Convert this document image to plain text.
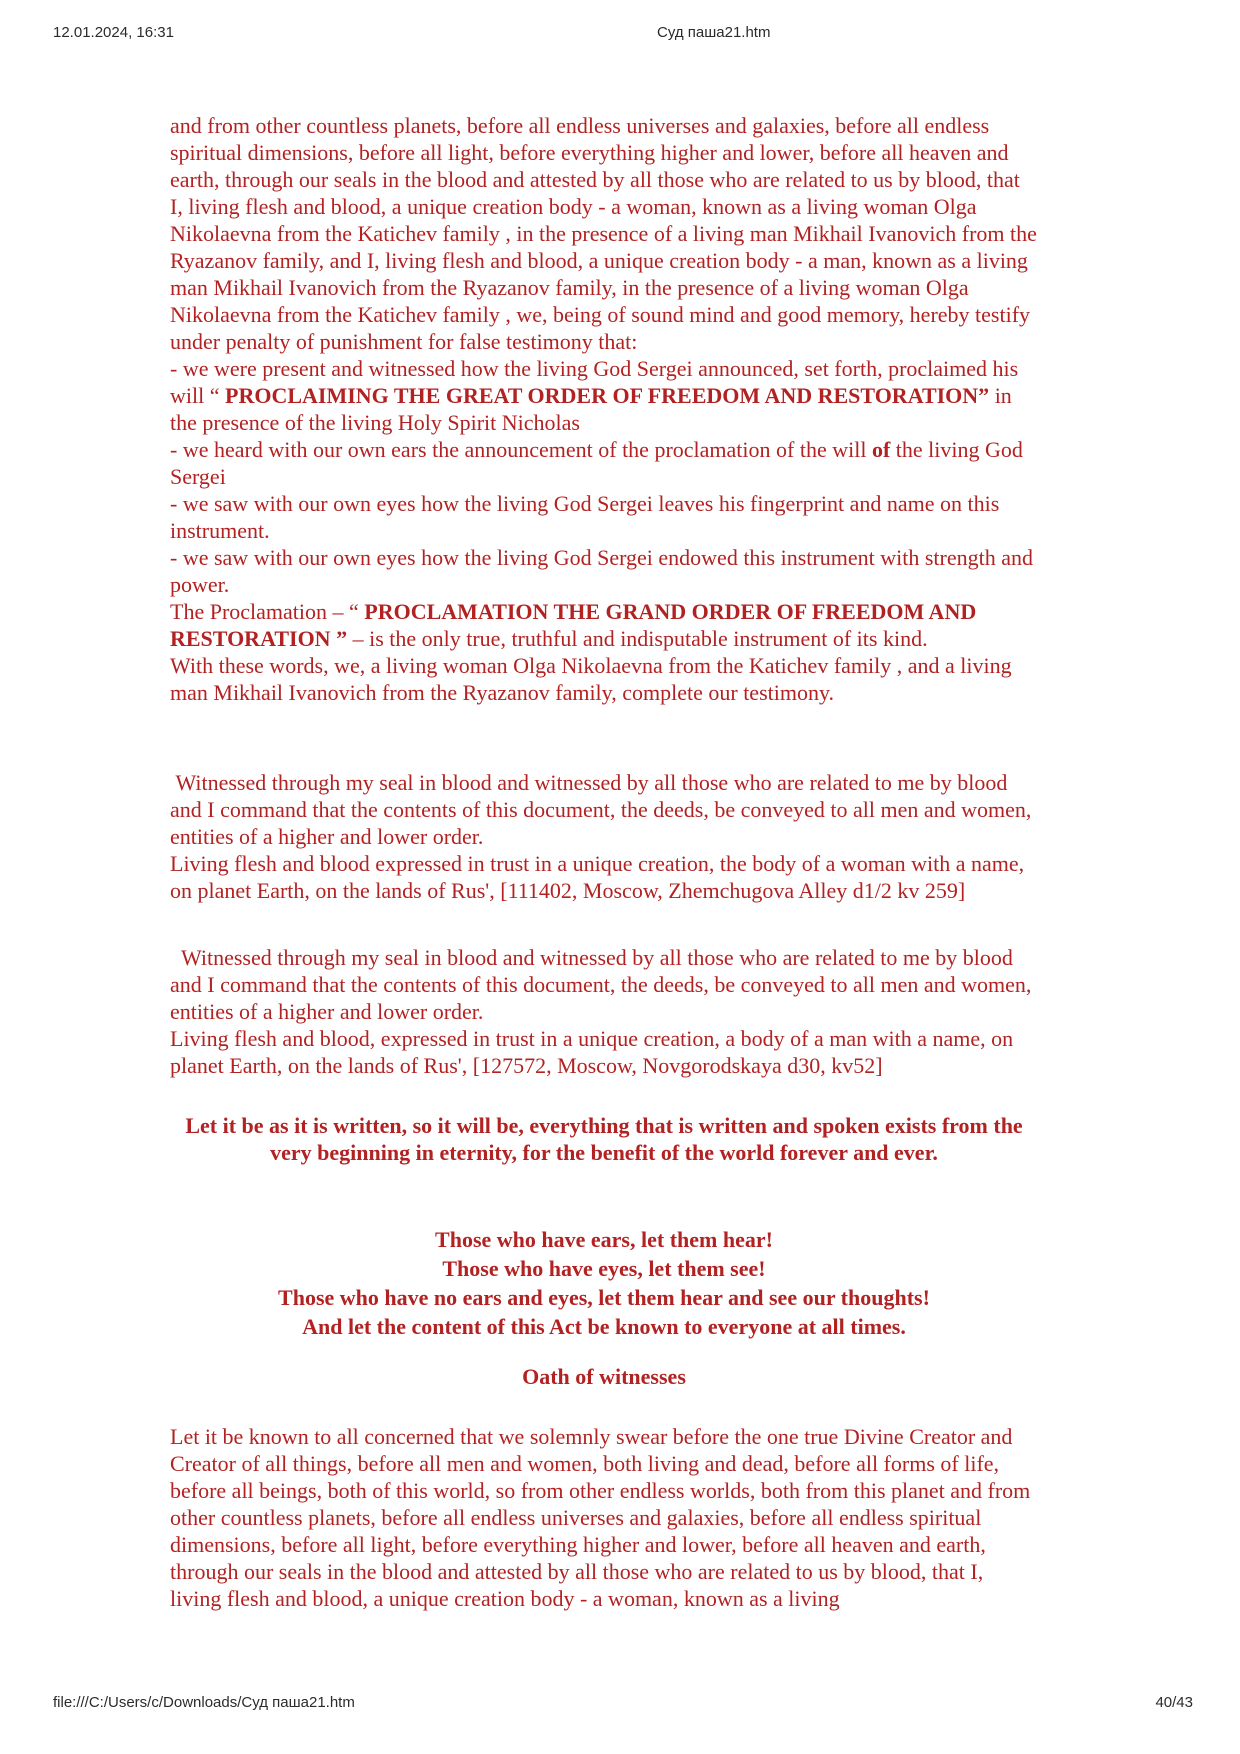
12.01.2024, 16:31	Суд паша21.htm

and from other countless planets, before all endless universes and galaxies, before all endless spiritual dimensions, before all light, before everything higher and lower, before all heaven and earth, through our seals in the blood and attested by all those who are related to us by blood, that I, living flesh and blood, a unique creation body - a woman, known as a living woman Olga Nikolaevna from the Katichev family , in the presence of a living man Mikhail Ivanovich from the Ryazanov family, and I, living flesh and blood, a unique creation body - a man, known as a living man Mikhail Ivanovich from the Ryazanov family, in the presence of a living woman Olga Nikolaevna from the Katichev family , we, being of sound mind and good memory, hereby testify under penalty of punishment for false testimony that:

- we were present and witnessed how the living God Sergei announced, set forth, proclaimed his will “ PROCLAIMING THE GREAT ORDER OF FREEDOM AND RESTORATION” in the presence of the living Holy Spirit Nicholas

- we heard with our own ears the announcement of the proclamation of the will of the living God Sergei

- we saw with our own eyes how the living God Sergei leaves his fingerprint and name on this instrument.

- we saw with our own eyes how the living God Sergei endowed this instrument with strength and power.

The Proclamation – “ PROCLAMATION THE GRAND ORDER OF FREEDOM AND RESTORATION ” – is the only true, truthful and indisputable instrument of its kind.

With these words, we, a living woman Olga Nikolaevna from the Katichev family , and a living man Mikhail Ivanovich from the Ryazanov family, complete our testimony.

Witnessed through my seal in blood and witnessed by all those who are related to me by blood and I command that the contents of this document, the deeds, be conveyed to all men and women, entities of a higher and lower order.

Living flesh and blood expressed in trust in a unique creation, the body of a woman with a name, on planet Earth, on the lands of Rus', [111402, Moscow, Zhemchugova Alley d1/2 kv 259]

Witnessed through my seal in blood and witnessed by all those who are related to me by blood and I command that the contents of this document, the deeds, be conveyed to all men and women, entities of a higher and lower order.

Living flesh and blood, expressed in trust in a unique creation, a body of a man with a name, on planet Earth, on the lands of Rus', [127572, Moscow, Novgorodskaya d30, kv52]

Let it be as it is written, so it will be, everything that is written and spoken exists from the very beginning in eternity, for the benefit of the world forever and ever.

Those who have ears, let them hear!

Those who have eyes, let them see!

Those who have no ears and eyes, let them hear and see our thoughts!

And let the content of this Act be known to everyone at all times.

Oath of witnesses

Let it be known to all concerned that we solemnly swear before the one true Divine Creator and Creator of all things, before all men and women, both living and dead, before all forms of life, before all beings, both of this world, so from other endless worlds, both from this planet and from other countless planets, before all endless universes and galaxies, before all endless spiritual dimensions, before all light, before everything higher and lower, before all heaven and earth, through our seals in the blood and attested by all those who are related to us by blood, that I, living flesh and blood, a unique creation body - a woman, known as a living

file:///C:/Users/c/Downloads/Суд паша21.htm	40/43
